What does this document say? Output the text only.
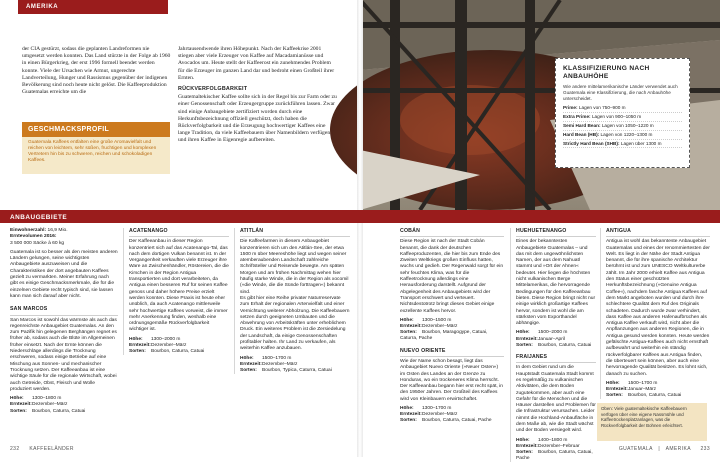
AMERIKA

der CIA gestürzt, sodass die geplanten Landreformen nie umgesetzt werden konnten. Das Land stürzte in der Folge ab 1960 in einen Bürgerkrieg, der erst 1996 formell beendet werden konnte. Viele der Ursachen wie Armut, ungerechte Landverteilung, Hunger und Rassismus gegenüber der indigenen Bevölkerung sind noch heute nicht gelöst. Die Kaffeeproduktion Guatemalas erreichte um die

Jahrtausendwende ihren Höhepunkt. Nach der Kaffeekrise 2001 stiegen aber viele Erzeuger von Kaffee auf Macadamianüsse und Avocados um. Heute stellt der Kaffeerost ein zunehmendes Problem für die Erzeuger im ganzen Land dar und bedroht einen Großteil ihrer Ernten.

RÜCKVERFOLGBARKEIT

Guatemaltekischer Kaffee sollte sich in der Regel bis zur Farm oder zu einer Genossenschaft oder Erzeugergruppe zurückführen lassen. Zwar sind einige Anbaugebiete zertifiziert worden durch eine Herkunftsbezeichnung offiziell geschützt, doch haben die Rückverfolgbarkeit und die Erzeugung hochwertiger Kaffees eine lange Tradition, da viele Kaffeebauern über Namenbildern verfügen und ihren Kaffee in Eigenregie aufbereiten.

GESCHMACKSPROFIL
Guatemala Kaffees entfalten eine große Aromavielfalt und reichen von leichtem, sehr süßen, fruchtigen und komplexen Vertretern hin bis zu schweren, reichen und schokoladigen Kaffees.
KLASSIFIZIERUNG NACH
ANBAUHÖHE
Wie andere mittelamerikanische Länder verwendet auch Guatemala eine Klassifizierung, die nach Anbauhöhe unterscheidet.
Prime: Lagen von 750–900 m
Extra Prime: Lagen von 900–1050 m
Semi Hard Bean: Lagen von 1050–1220 m
Hard Bean (HB): Lagen von 1220–1300 m
Strictly Hard Bean (SHB): Lagen über 1300 m
ANBAUGEBIETE
Einwohnerzahl: 16,9 Mio.
Erntevolumen 2016:
3 500 000 Säcke à 60 kg
Guatemala ist so besser als den meisten anderen Ländern gelungen, seine wichtigsten Anbaugebiete auszuweisen und die Charakteristiken der dort angebauten Kaffees gezielt zu vermarkten. Meiner Erfahrung nach gibt es einige Geschmacksmerkmale, die für die einzelnen Gebiete recht typisch sind, sie lassen kann man sich darauf aber nicht.
SAN MARCOS
San Marcos ist sowohl das wärmste als auch das regenreichste Anbaugebiet Guatemalas. An den zum Pazifik hin gelegenen Berghängen regnet es früher ab, sodass auch die Blüte im Allgemeinen früher einsetzt. Nach der Ernte können die Niederschläge allerdings die Trocknung erschweren, sodass einige Betriebe auf eine Mischung aus Sonnen- und mechanischer Trocknung setzen. Der Kaffeeanbau ist eine wichtige Säule für die regionale Wirtschaft, wobei auch Getreide, Obst, Fleisch und Wolle produziert werden.
Höhe: 1300–1800 m
Erntezeit:Dezember–März
Sorten: Bourbon, Caturra, Catuai
ACATENANGO
Der Kaffeeanbau in dieser Region konzentriert sich auf das Acatenango-Tal, das nach dem dortigen Vulkan benannt ist. In der Vergangenheit verkauften viele Erzeuger ihre Ware an Zwischenhändler, Röstereien, die die Kirschen in der Region Antigua transportierten und dort verarbeiteten, da Antigua einen besseren Ruf für seinen Kaffee genoss und daher höhere Preise erzielt werden konnten. Diese Praxis ist heute eher unüblich, da auch Acatenango mittlerweile sehr hochwertige Kaffees vorweist, die immer mehr Anerkennung finden, weshalb eine ordnungsgemäße Rückverfolgbarkeit wichtiger ist.
Höhe: 1300–2000 m
Erntezeit:Dezember–März
Sorten: Bourbon, Caturra, Catuai
ATITLÁN
Die Kaffeefarmen in diesem Anbaugebiet konzentrieren sich um den Atitlán-See, der etwa 1500 m über Meereshöhe liegt und wegen seiner atemberaubenden Landschaft zahlreiche Schriftsteller und Reisende bewegte. Am späten Morgen und am frühen Nachmittag wehen hier häufig starke Winde, die in der Region als xocomil (»die Winde, die die Sünde forttragen«) bekannt sind.
Es gibt hier eine Reihe privater Naturreservate zum Erhalt der regionalen Artenvielfalt und einer Vernichtung weiterer Abholzung. Die Kaffeebauern setzen durch geeigneten Umbauten und die Abwehrung von Arbeitskräften unter erheblichem Druck. Ein weiteres Problem ist die Zersiedelung der Landschaft, da einige Genossenschaften profitabler halten. Ihr Land zu verkaufen, als weiterhin Kaffee anzubauen.
Höhe: 1500–1700 m
Erntezeit:Dezember–März
Sorten: Bourbon, Typica, Caturra, Catuai
COBÁN
Diese Region ist nach der Stadt Cobán benannt, die dank der deutschen Kaffeeproduzenten, die hier bis zum Ende des Zweiten Weltkriegs großen Einfluss hatten, wuchs und gedieh. Der Regenwald sorgt für ein sehr feuchtes Klima, was für die Kaffeetrocknung allerdings eine Herausforderung darstellt. Aufgrund der Abgelegenheit des Anbaugebiets wird der Transport erschwert und verteuert. Nichtsdestotrotz bringt dieses Gebiet einige exzellente Kaffees hervor.
Höhe: 1300–1500 m
Erntezeit:Dezember–März
Sorten: Bourbon, Maragogype, Catuai, Caturra, Pache
NUEVO ORIENTE
Wie der Name schon besagt, liegt das Anbaugebiet Nuevo Oriente (»Neuer Osten«) im Osten des Landes an der Grenze zu Honduras, wo ein trockeneres Klima herrscht. Der Kaffeeanbau begann hier erst recht spät, in den 1950er Jahren. Der Großteil des Kaffees wird von Kleinbauern erwirtschaftet.
Höhe: 1300–1700 m
Erntezeit:Dezember–März
Sorten: Bourbon, Caturra, Catuai, Pache
HUEHUETENANGO
Eines der bekanntesten Anbaugebiete Guatemalas – und das mit dem ungewöhnlichsten Namen, der aus dem Nahuatl stammt und »Ort der Ahnen« bedeutet. Hier liegen die höchsten nicht vulkanischen Berge Mittelamerikas, die hervorragende Bedingungen für den Kaffeeanbau bieten. Diese Region bringt nicht nur einige wirklich großartige Kaffees hervor, sondern ist wohl die am stärksten vom Exporthandel abhängige.
Höhe: 1500–2000 m
Erntezeit:Januar–April
Sorten: Bourbon, Caturra, Catuai
FRAIJANES
In dem Gebiet rund um die Hauptstadt Guatemala Stadt kommt es regelmäßig zu vulkanischen Aktivitäten, die dem Boden zugutekommen, aber auch eine Gefahr für die Menschen und die Häuser darstellen und Problemen für die Infrastruktur verursachen. Leider nimmt die Hochland-Anbaufläche in dem Maße ab, wie die Stadt wächst und der Boden versiegelt wird.
Höhe: 1400–1800 m
Erntezeit:Dezember–Februar
Sorten: Bourbon, Caturra, Catuai, Pache
ANTIGUA
Antigua ist wohl das bekannteste Anbaugebiet Guatemalas und eines der renommiertesten der Welt. Es liegt in der Nähe der Stadt Antigua benannt, die für ihre spanische Architektur berühmt ist und zum UNESCO Weltkulturerbe zählt. Im Jahr 2000 erhielt Kaffee aus Antigua den Status einer geschützten Herkunftsbezeichnung (»Genuine Antigua Coffee«), nachdem fasche Antigua Kaffees auf dem Markt angeboten wurden und durch ihre schlechtere Qualität dem Ruf des Originals schadeten. Dadurch wurde zwar verhindert, dass Kaffee aus anderen Hafenaufbrüchen als Antigua Kaffee verkauft wird, nicht aber die Anpflanzungen aus anderen Regionen, die in Antigua gesund werden konnten. Heute werden gefälschte Antigua-Kaffees auch nicht ernsthaft aufbewahrt und weiterhin ein ständig rückverfolgbarer Kaffees aus Antigua finden, die überteuert sein können, aber auch eine hervorragende Qualität besitzen. Es lohnt sich, danach zu suchen.
Höhe: 1500–1700 m
Erntezeit:Januar–März
Sorten: Bourbon, Caturra, Catuai
Oben: Viele guatemaltekische Kaffeebauern verfügen über eine eigene Nassmühle und Kaffeetrockenplatzanlagen, was die Rückverfolgbarkeit der Bohnen erleichtert.
232 KAFFEELÄNDER	GUATEMALA | AMERIKA 233
